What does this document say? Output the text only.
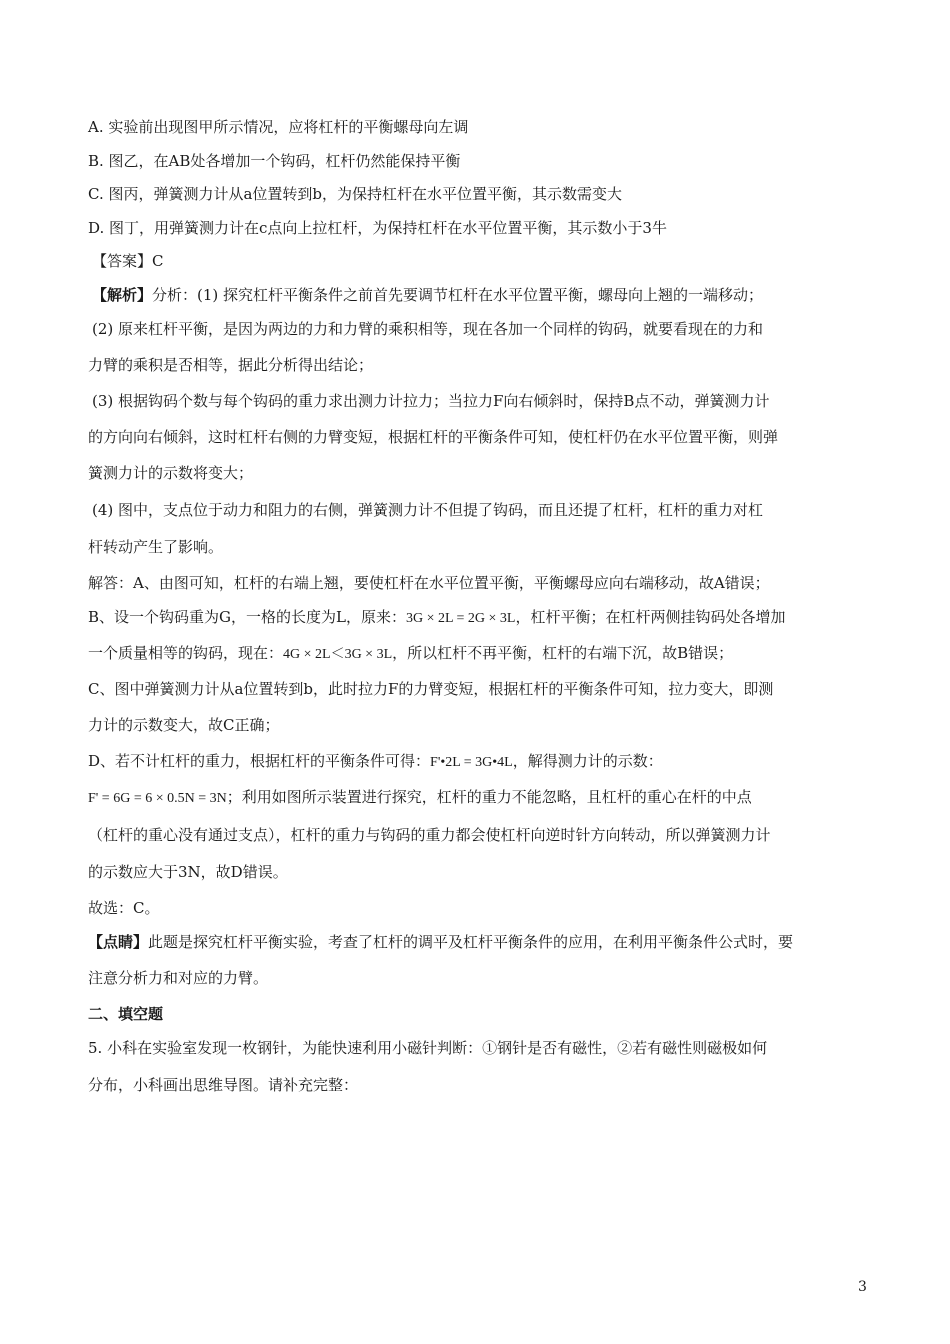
A. 实验前出现图甲所示情况，应将杠杆的平衡螺母向左调
B. 图乙，在AB处各增加一个钩码，杠杆仍然能保持平衡
C. 图丙，弹簧测力计从a位置转到b，为保持杠杆在水平位置平衡，其示数需变大
D. 图丁，用弹簧测力计在c点向上拉杠杆，为保持杠杆在水平位置平衡，其示数小于3牛
【答案】C
【解析】分析：(1) 探究杠杆平衡条件之前首先要调节杠杆在水平位置平衡，螺母向上翘的一端移动；
(2) 原来杠杆平衡，是因为两边的力和力臂的乘积相等，现在各加一个同样的钩码，就要看现在的力和
力臂的乘积是否相等，据此分析得出结论；
(3) 根据钩码个数与每个钩码的重力求出测力计拉力；当拉力F向右倾斜时，保持B点不动，弹簧测力计
的方向向右倾斜，这时杠杆右侧的力臂变短，根据杠杆的平衡条件可知，使杠杆仍在水平位置平衡，则弹
簧测力计的示数将变大；
(4) 图中，支点位于动力和阻力的右侧，弹簧测力计不但提了钩码，而且还提了杠杆，杠杆的重力对杠
杆转动产生了影响。
解答：A、由图可知，杠杆的右端上翘，要使杠杆在水平位置平衡，平衡螺母应向右端移动，故A错误；
B、设一个钩码重为G，一格的长度为L，原来：3G × 2L = 2G × 3L，杠杆平衡；在杠杆两侧挂钩码处各增加
一个质量相等的钩码，现在：4G × 2L＜3G × 3L，所以杠杆不再平衡，杠杆的右端下沉，故B错误；
C、图中弹簧测力计从a位置转到b，此时拉力F的力臂变短，根据杠杆的平衡条件可知，拉力变大，即测
力计的示数变大，故C正确；
D、若不计杠杆的重力，根据杠杆的平衡条件可得：F'•2L = 3G•4L，解得测力计的示数：
F' = 6G = 6 × 0.5N = 3N；利用如图所示装置进行探究，杠杆的重力不能忽略，且杠杆的重心在杆的中点
（杠杆的重心没有通过支点），杠杆的重力与钩码的重力都会使杠杆向逆时针方向转动，所以弹簧测力计
的示数应大于3N，故D错误。
故选：C。
【点睛】此题是探究杠杆平衡实验，考查了杠杆的调平及杠杆平衡条件的应用，在利用平衡条件公式时，要
注意分析力和对应的力臂。
二、填空题
5. 小科在实验室发现一枚钢针，为能快速利用小磁针判断：①钢针是否有磁性，②若有磁性则磁极如何
分布，小科画出思维导图。请补充完整：
3
